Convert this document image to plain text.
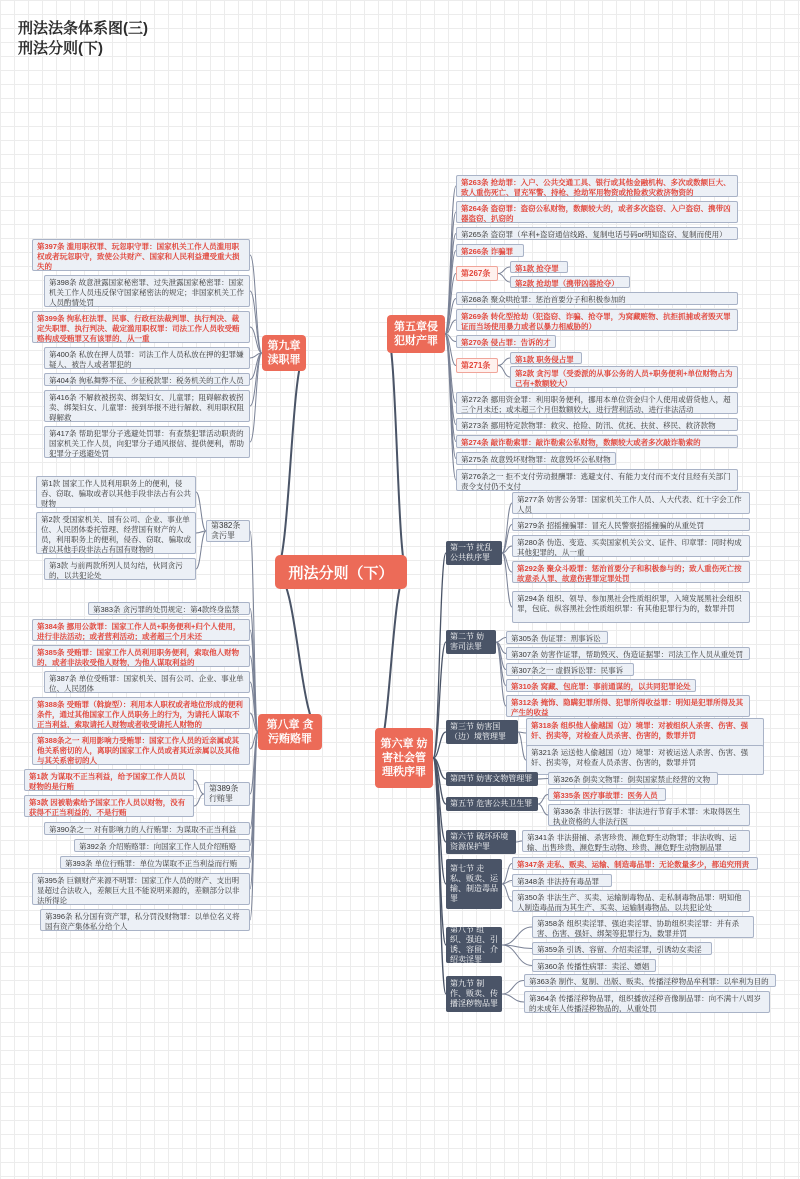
刑法法条体系图(三)
刑法分则(下)
刑法分则（下）
第五章侵犯财产罪
第263条 抢劫罪：入户、公共交通工具、银行或其他金融机构、多次或数额巨大、致人重伤死亡、冒充军警、持枪、抢劫军用物资或抢险救灾救济物资的
第264条 盗窃罪：盗窃公私财物，数额较大的，或者多次盗窃、入户盗窃、携带凶器盗窃、扒窃的
第265条 盗窃罪（牟利+盗窃通信线路、复制电话号码or明知盗窃、复制而使用）
第266条 诈骗罪
第267条	第1款 抢夺罪
第2款 抢劫罪（携带凶器抢夺）
第268条 聚众哄抢罪：惩治首要分子和积极参加的
第269条 转化型抢劫（犯盗窃、诈骗、抢夺罪，为窝藏赃物、抗拒抓捕或者毁灭罪证而当场使用暴力或者以暴力相威胁的）
第270条 侵占罪：告诉的才
第271条
第1款 职务侵占罪
第2款 贪污罪（受委派的从事公务的人员+职务便利+单位财物占为己有+数额较大）
第272条 挪用资金罪：利用职务便利，挪用本单位资金归个人使用或借贷他人，超三个月未还；或未超三个月但数额较大，进行营利活动、进行非法活动
第273条 挪用特定款物罪：救灾、抢险、防汛、优抚、扶贫、移民、救济款物
第274条 敲诈勒索罪：敲诈勒索公私财物，数额较大或者多次敲诈勒索的
第275条 故意毁坏财物罪：故意毁坏公私财物
第276条之一 拒不支付劳动报酬罪：逃避支付、有能力支付而不支付且经有关部门责令支付仍不支付
第六章 妨害社会管理秩序罪
第一节 扰乱公共秩序罪
第277条 妨害公务罪：国家机关工作人员、人大代表、红十字会工作人员
第279条 招摇撞骗罪：冒充人民警察招摇撞骗的从重处罚
第280条 伪造、变造、买卖国家机关公文、证件、印章罪：同时构成其他犯罪的，从一重
第292条 聚众斗殴罪：惩治首要分子和积极参与的；致人重伤死亡按故意杀人罪、故意伤害罪定罪处罚
第294条 组织、领导、参加黑社会性质组织罪，入境发展黑社会组织罪，包庇、纵容黑社会性质组织罪：有其他犯罪行为的，数罪并罚
第二节 妨害司法罪
第305条 伪证罪：刑事诉讼
第307条 妨害作证罪，帮助毁灭、伪造证据罪：司法工作人员从重处罚
第307条之一 虚假诉讼罪：民事诉
第310条 窝藏、包庇罪：事前通谋的，以共同犯罪论处
第312条 掩饰、隐瞒犯罪所得、犯罪所得收益罪：明知是犯罪所得及其产生的收益
第三节 妨害国（边）境管理罪
第318条 组织他人偷越国（边）境罪：对被组织人杀害、伤害、强奸、拐卖等，对检查人员杀害、伤害的，数罪并罚
第321条 运送他人偷越国（边）境罪：对被运送人杀害、伤害、强奸、拐卖等，对检查人员杀害、伤害的，数罪并罚
第四节 妨害文物管理罪	第326条 倒卖文物罪：倒卖国家禁止经营的文物
第五节 危害公共卫生罪
第335条 医疗事故罪：医务人员
第336条 非法行医罪：非法进行节育手术罪：未取得医生执业资格的人非法行医
第六节 破坏环境资源保护罪
第341条 非法猎捕、杀害珍贵、濒危野生动物罪；非法收购、运输、出售珍贵、濒危野生动物、珍贵、濒危野生动物制品罪
第七节 走私、贩卖、运输、制造毒品罪
第347条 走私、贩卖、运输、制造毒品罪：无论数量多少，都追究刑责
第348条 非法持有毒品罪
第350条 非法生产、买卖、运输制毒物品、走私制毒物品罪：明知他人制造毒品而为其生产、买卖、运输制毒物品，以共犯论处
第八节 组织、强迫、引诱、容留、介绍卖淫罪
第358条 组织卖淫罪、强迫卖淫罪、协助组织卖淫罪：并有杀害、伤害、强奸、绑架等犯罪行为，数罪并罚
第359条 引诱、容留、介绍卖淫罪，引诱幼女卖淫
第360条 传播性病罪：卖淫、嫖娼
第九节 制作、贩卖、传播淫秽物品罪
第363条 制作、复制、出版、贩卖、传播淫秽物品牟利罪：以牟利为目的
第364条 传播淫秽物品罪，组织播放淫秽音像制品罪：向不满十八周岁的未成年人传播淫秽物品的，从重处罚
第九章渎职罪
第397条 滥用职权罪、玩忽职守罪：国家机关工作人员滥用职权或者玩忽职守，致使公共财产、国家和人民利益遭受重大损失的
第398条 故意泄露国家秘密罪、过失泄露国家秘密罪：国家机关工作人员违反保守国家秘密法的规定；非国家机关工作人员酌情处罚
第399条 徇私枉法罪、民事、行政枉法裁判罪、执行判决、裁定失职罪、执行判决、裁定滥用职权罪：司法工作人员收受贿赂构成受贿罪又有该罪的，从一重
第400条 私放在押人员罪：司法工作人员私放在押的犯罪嫌疑人、被告人或者罪犯的
第404条 徇私舞弊不征、少征税款罪：税务机关的工作人员
第416条 不解救被拐卖、绑架妇女、儿童罪；阻碍解救被拐卖、绑架妇女、儿童罪：接到举报不进行解救、利用职权阻碍解救
第417条 帮助犯罪分子逃避处罚罪：有查禁犯罪活动职责的国家机关工作人员，向犯罪分子通风报信、提供便利，帮助犯罪分子逃避处罚
第八章 贪污贿赂罪
第382条 贪污罪
第1款 国家工作人员利用职务上的便利，侵吞、窃取、骗取或者以其他手段非法占有公共财物
第2款 受国家机关、国有公司、企业、事业单位、人民团体委托管理、经营国有财产的人员，利用职务上的便利，侵吞、窃取、骗取或者以其他手段非法占有国有财物的
第3款 与前两款所列人员勾结，伙同贪污的，以共犯论处
第383条 贪污罪的处罚规定：第4款终身监禁
第384条 挪用公款罪：国家工作人员+职务便利+归个人使用，进行非法活动；或者营利活动；或者超三个月未还
第385条 受贿罪：国家工作人员利用职务便利，索取他人财物的，或者非法收受他人财物，为他人谋取利益的
第387条 单位受贿罪：国家机关、国有公司、企业、事业单位、人民团体
第388条 受贿罪（斡旋型）：利用本人职权或者地位形成的便利条件，通过其他国家工作人员职务上的行为，为请托人谋取不正当利益，索取请托人财物或者收受请托人财物的
第388条之一 利用影响力受贿罪：国家工作人员的近亲属或其他关系密切的人，离职的国家工作人员或者其近亲属以及其他与其关系密切的人
第389条 行贿罪
第1款 为谋取不正当利益，给予国家工作人员以财物的是行贿
第3款 因被勒索给予国家工作人员以财物，没有获得不正当利益的，不是行贿
第390条之一 对有影响力的人行贿罪：为谋取不正当利益
第392条 介绍贿赂罪：向国家工作人员介绍贿赂
第393条 单位行贿罪：单位为谋取不正当利益而行贿
第395条 巨额财产来源不明罪：国家工作人员的财产、支出明显超过合法收入，差额巨大且不能说明来源的，差额部分以非法所得论
第396条 私分国有资产罪，私分罚没财物罪：以单位名义将国有资产集体私分给个人
